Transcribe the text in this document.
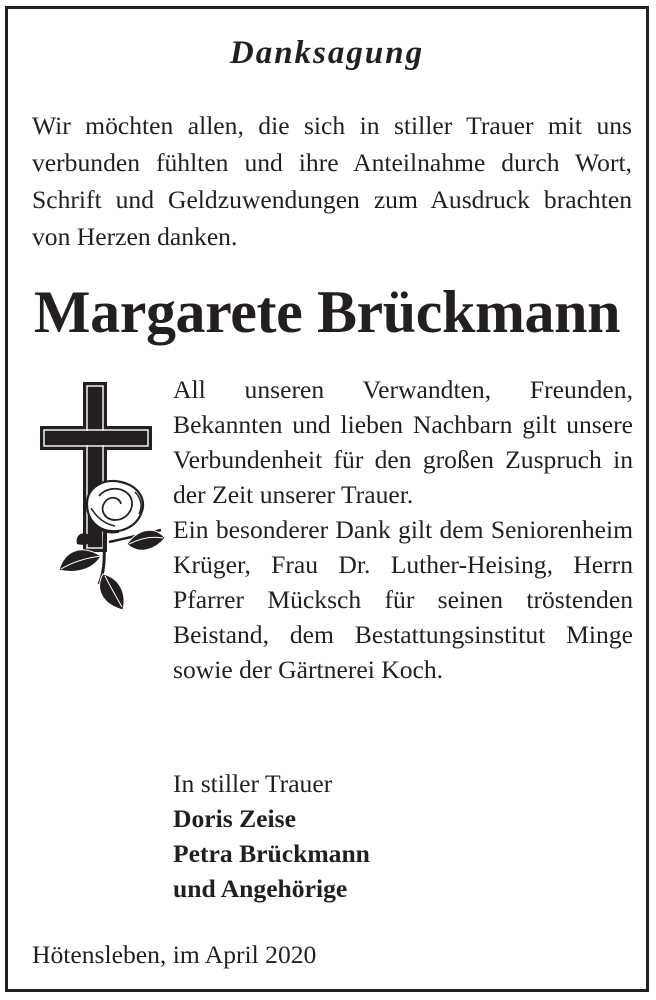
Danksagung
Wir möchten allen, die sich in stiller Trauer mit uns verbunden fühlten und ihre Anteilnahme durch Wort, Schrift und Geldzuwendungen zum Ausdruck brachten von Herzen danken.
Margarete Brückmann

All unseren Verwandten, Freunden, Bekannten und lieben Nachbarn gilt unsere Verbundenheit für den großen Zuspruch in der Zeit unserer Trauer.

Ein besonderer Dank gilt dem Seniorenheim Krüger, Frau Dr. Luther-Heising, Herrn Pfarrer Mücksch für seinen tröstenden Beistand, dem Bestattungsinstitut Minge sowie der Gärtnerei Koch.

In stiller Trauer
Doris Zeise
Petra Brückmann
und Angehörige
Hötensleben, im April 2020
